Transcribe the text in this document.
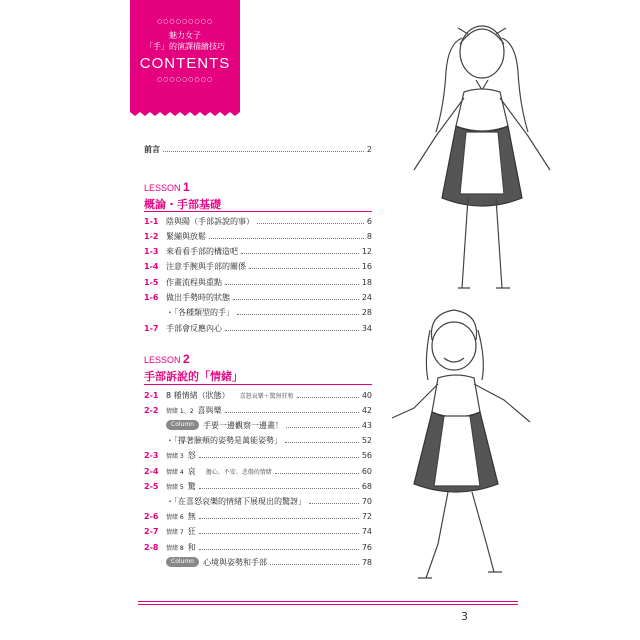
○○○○○○○○○
魅力女子
「手」的演譯描繪技巧
CONTENTS
○○○○○○○○○
前言	2
LESSON 1
概論・手部基礎
1-1 陰與陽（手部訴說的事）	6
1-2 緊繃與放鬆	8
1-3 來看看手部的構造吧	12
1-4 注意手腕與手部的關係	16
1-5 作畫流程與重點	18
1-6 做出手勢時的狀態	24
・「各種類型的手」	28
1-7 手部會反應內心	34
LESSON 2
手部訴說的「情緒」
2-1 8 種情緒（狀態） 喜怒哀樂＋驚無狂和	40
2-2	情緒 1、2 喜與樂	42
Column	手要一邊觀察一邊畫！	43
・「撐著臉頰的姿勢是萬能姿勢」	52
2-3	情緒 3 怒	56
2-4	情緒 4 哀 擔心、不安、悲傷的情緒	60
2-5	情緒 5 驚	68
・「在喜怒哀樂的情緒下展現出的驚訝」	70
2-6	情緒 6 無	72
2-7	情緒 7 狂	74
2-8	情緒 8 和	76
Column	心境與姿勢和手部	78
3
